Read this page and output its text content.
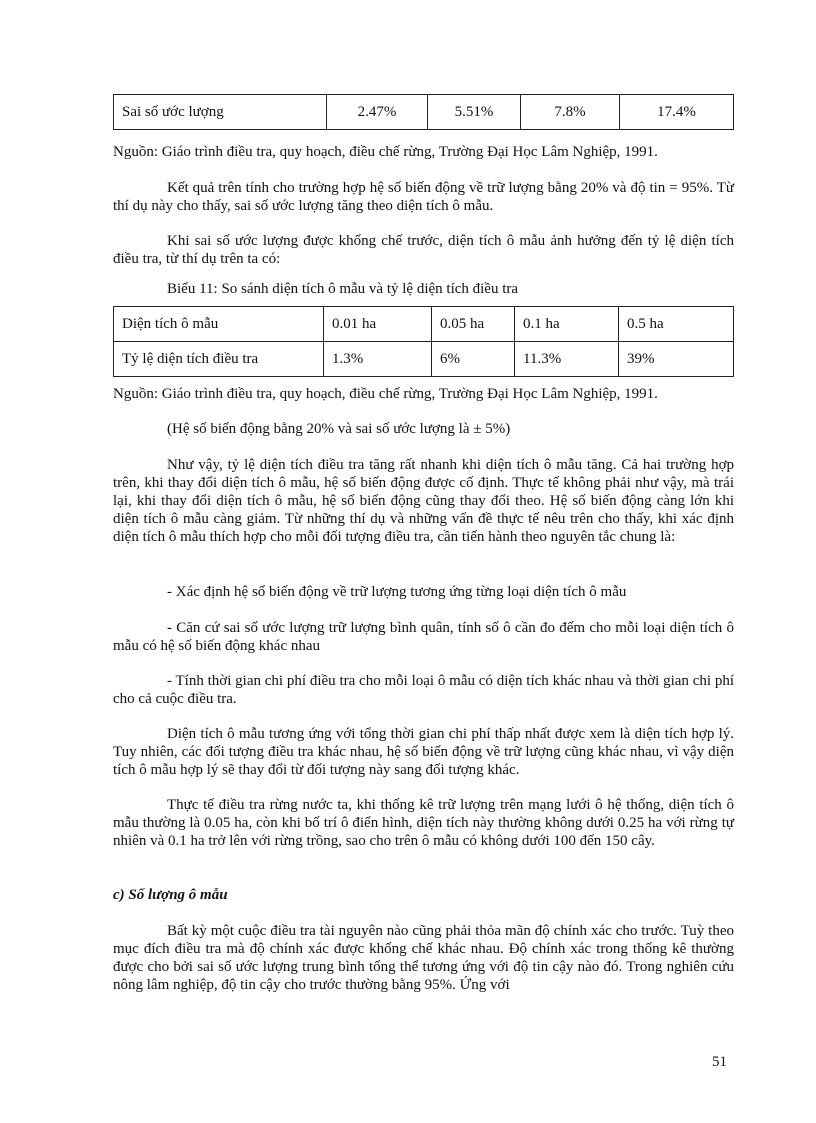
Sai số ước lượng	2.47%	5.51%	7.8%	17.4%
Nguồn: Giáo trình điều tra, quy hoạch, điều chế rừng, Trường Đại Học Lâm Nghiệp, 1991.
Kết quả trên tính cho trường hợp hệ số biến động về trữ lượng bằng 20% và độ tin = 95%. Từ thí dụ này cho thấy, sai số ước lượng tăng theo diện tích ô mẫu.
Khi sai số ước lượng được khống chế trước, diện tích ô mẫu ảnh hưởng đến tỷ lệ diện tích điều tra, từ thí dụ trên ta có:
Biểu 11: So sánh diện tích ô mẫu và tỷ lệ diện tích điều tra
Diện tích ô mẫu	0.01 ha	0.05 ha	0.1 ha	0.5 ha
Tỷ lệ diện tích điều tra	1.3%	6%	11.3%	39%
Nguồn: Giáo trình điều tra, quy hoạch, điều chế rừng, Trường Đại Học Lâm Nghiệp, 1991.
(Hệ số biến động bằng 20% và sai số ước lượng là ± 5%)
Như vậy, tỷ lệ diện tích điều tra tăng rất nhanh khi diện tích ô mẫu tăng. Cả hai trường hợp trên, khi thay đổi diện tích ô mẫu, hệ số biến động được cố định. Thực tế không phải như vậy, mà trái lại, khi thay đổi diện tích ô mẫu, hệ số biến động cũng thay đổi theo. Hệ số biến động càng lớn khi diện tích ô mẫu càng giảm. Từ những thí dụ và những vấn đề thực tế nêu trên cho thấy, khi xác định diện tích ô mẫu thích hợp cho mỗi đối tượng điều tra, cần tiến hành theo nguyên tắc chung là:
- Xác định hệ số biến động về trữ lượng tương ứng từng loại diện tích ô mẫu
- Căn cứ sai số ước lượng trữ lượng bình quân, tính số ô cần đo đếm cho mỗi loại diện tích ô mẫu có hệ số biến động khác nhau
- Tính thời gian chi phí điều tra cho mỗi loại ô mẫu có diện tích khác nhau và thời gian chi phí cho cả cuộc điều tra.
Diện tích ô mẫu tương ứng với tổng thời gian chi phí thấp nhất được xem là diện tích hợp lý. Tuy nhiên, các đối tượng điều tra khác nhau, hệ số biến động về trữ lượng cũng khác nhau, vì vậy diện tích ô mẫu hợp lý sẽ thay đổi từ đối tượng này sang đối tượng khác.
Thực tế điều tra rừng nước ta, khi thống kê trữ lượng trên mạng lưới ô hệ thống, diện tích ô mẫu thường là 0.05 ha, còn khi bố trí ô điển hình, diện tích này thường không dưới 0.25 ha với rừng tự nhiên và 0.1 ha trở lên với rừng trồng, sao cho trên ô mẫu có không dưới 100 đến 150 cây.
c) Số lượng ô mẫu
Bất kỳ một cuộc điều tra tài nguyên nào cũng phải thỏa mãn độ chính xác cho trước. Tuỳ theo mục đích điều tra mà độ chính xác được khống chế khác nhau. Độ chính xác trong thống kê thường được cho bởi sai số ước lượng trung bình tổng thể tương ứng với độ tin cậy nào đó. Trong nghiên cứu nông lâm nghiệp, độ tin cậy cho trước thường bằng 95%. Ứng với
51
